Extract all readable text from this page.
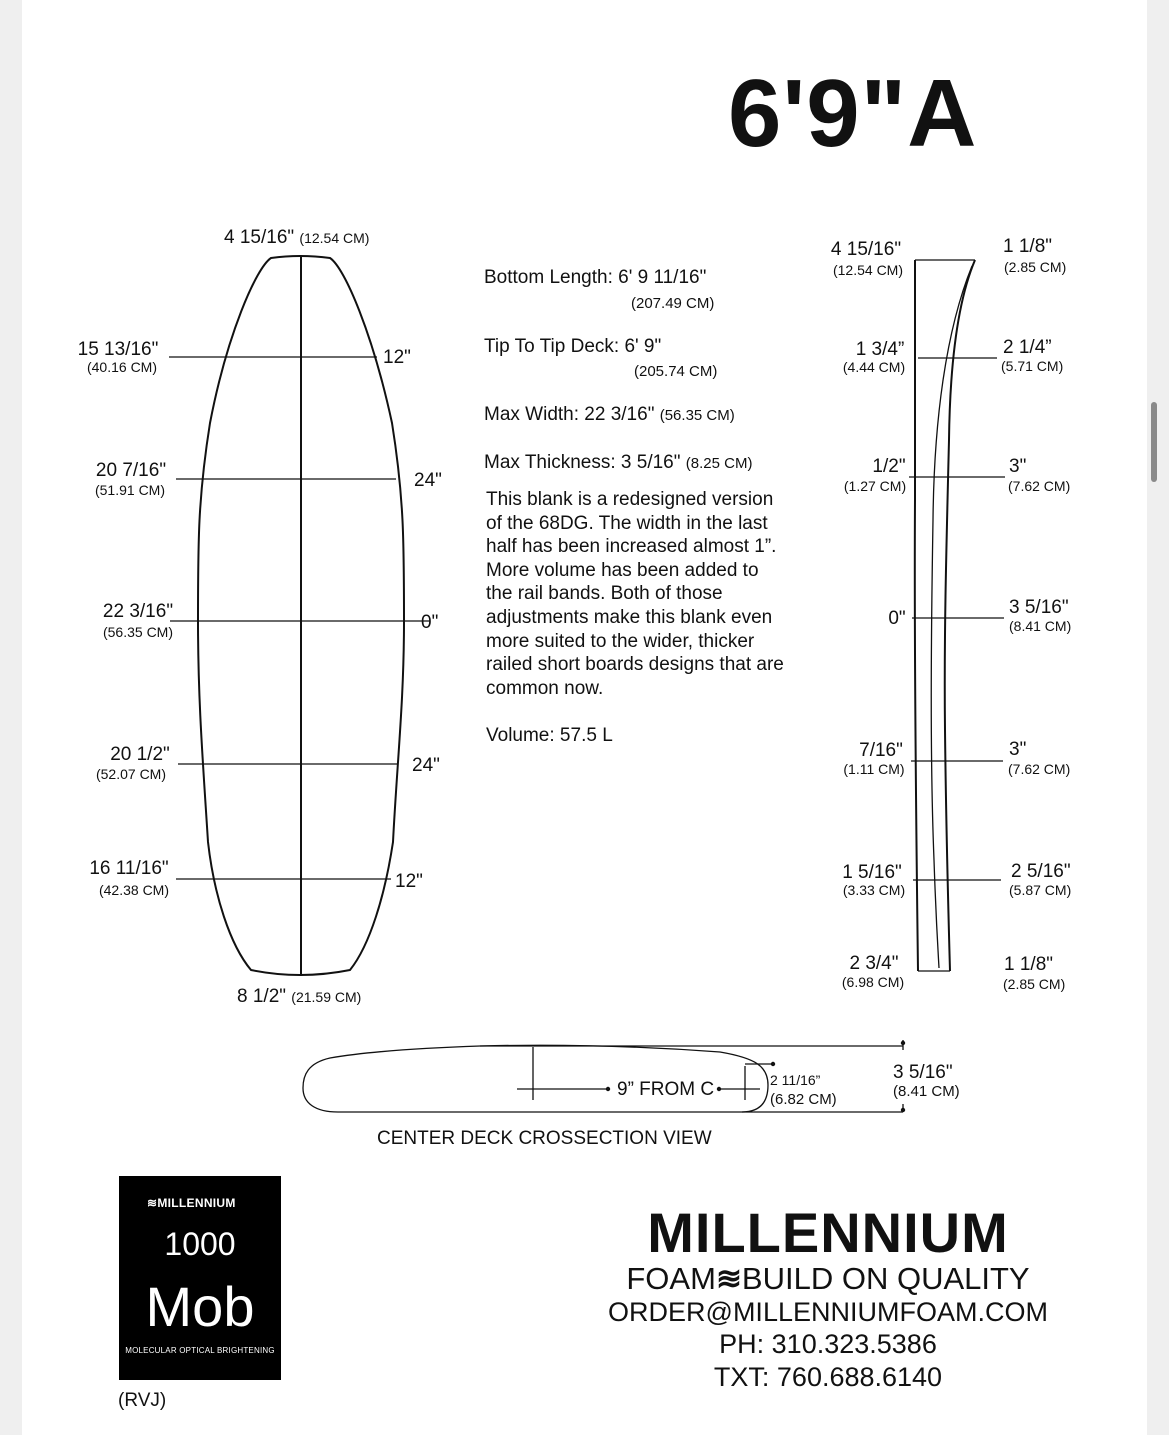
6'9"A
4 15/16" (12.54 CM)
8 1/2" (21.59 CM)
15 13/16"
(40.16 CM)	12"
20 7/16"
(51.91 CM)	24"
22 3/16"
(56.35 CM)	0"
20 1/2"
(52.07 CM)	24"
16 11/16"
(42.38 CM)	12"
4 15/16"
(12.54 CM)
1 3/4”
(4.44 CM)
1/2"
(1.27 CM)
0"
7/16"
(1.11 CM)
1 5/16"
(3.33 CM)
2 3/4"
(6.98 CM)
1 1/8"
(2.85 CM)
2 1/4”
(5.71 CM)
3"
(7.62 CM)
3 5/16"
(8.41 CM)
3"
(7.62 CM)
2 5/16"
(5.87 CM)
1 1/8"
(2.85 CM)
9” FROM C	2 11/16”
(6.82 CM)
3 5/16"
(8.41 CM)
CENTER DECK CROSSECTION VIEW
Bottom Length: 6' 9 11/16"
(207.49 CM)
Tip To Tip Deck: 6' 9"
(205.74 CM)
Max Width: 22 3/16" (56.35 CM)
Max Thickness: 3 5/16" (8.25 CM)
This blank is a redesigned version of the 68DG. The width in the last half has been increased almost 1”. More volume has been added to the rail bands. Both of those adjustments make this blank even more suited to the wider, thicker railed short boards designs that are common now.
Volume: 57.5 L
≋MILLENNIUM
1000
Mob
MOLECULAR OPTICAL BRIGHTENING
(RVJ)
MILLENNIUM
FOAM≋BUILD ON QUALITY
ORDER@MILLENNIUMFOAM.COM
PH: 310.323.5386
TXT: 760.688.6140
